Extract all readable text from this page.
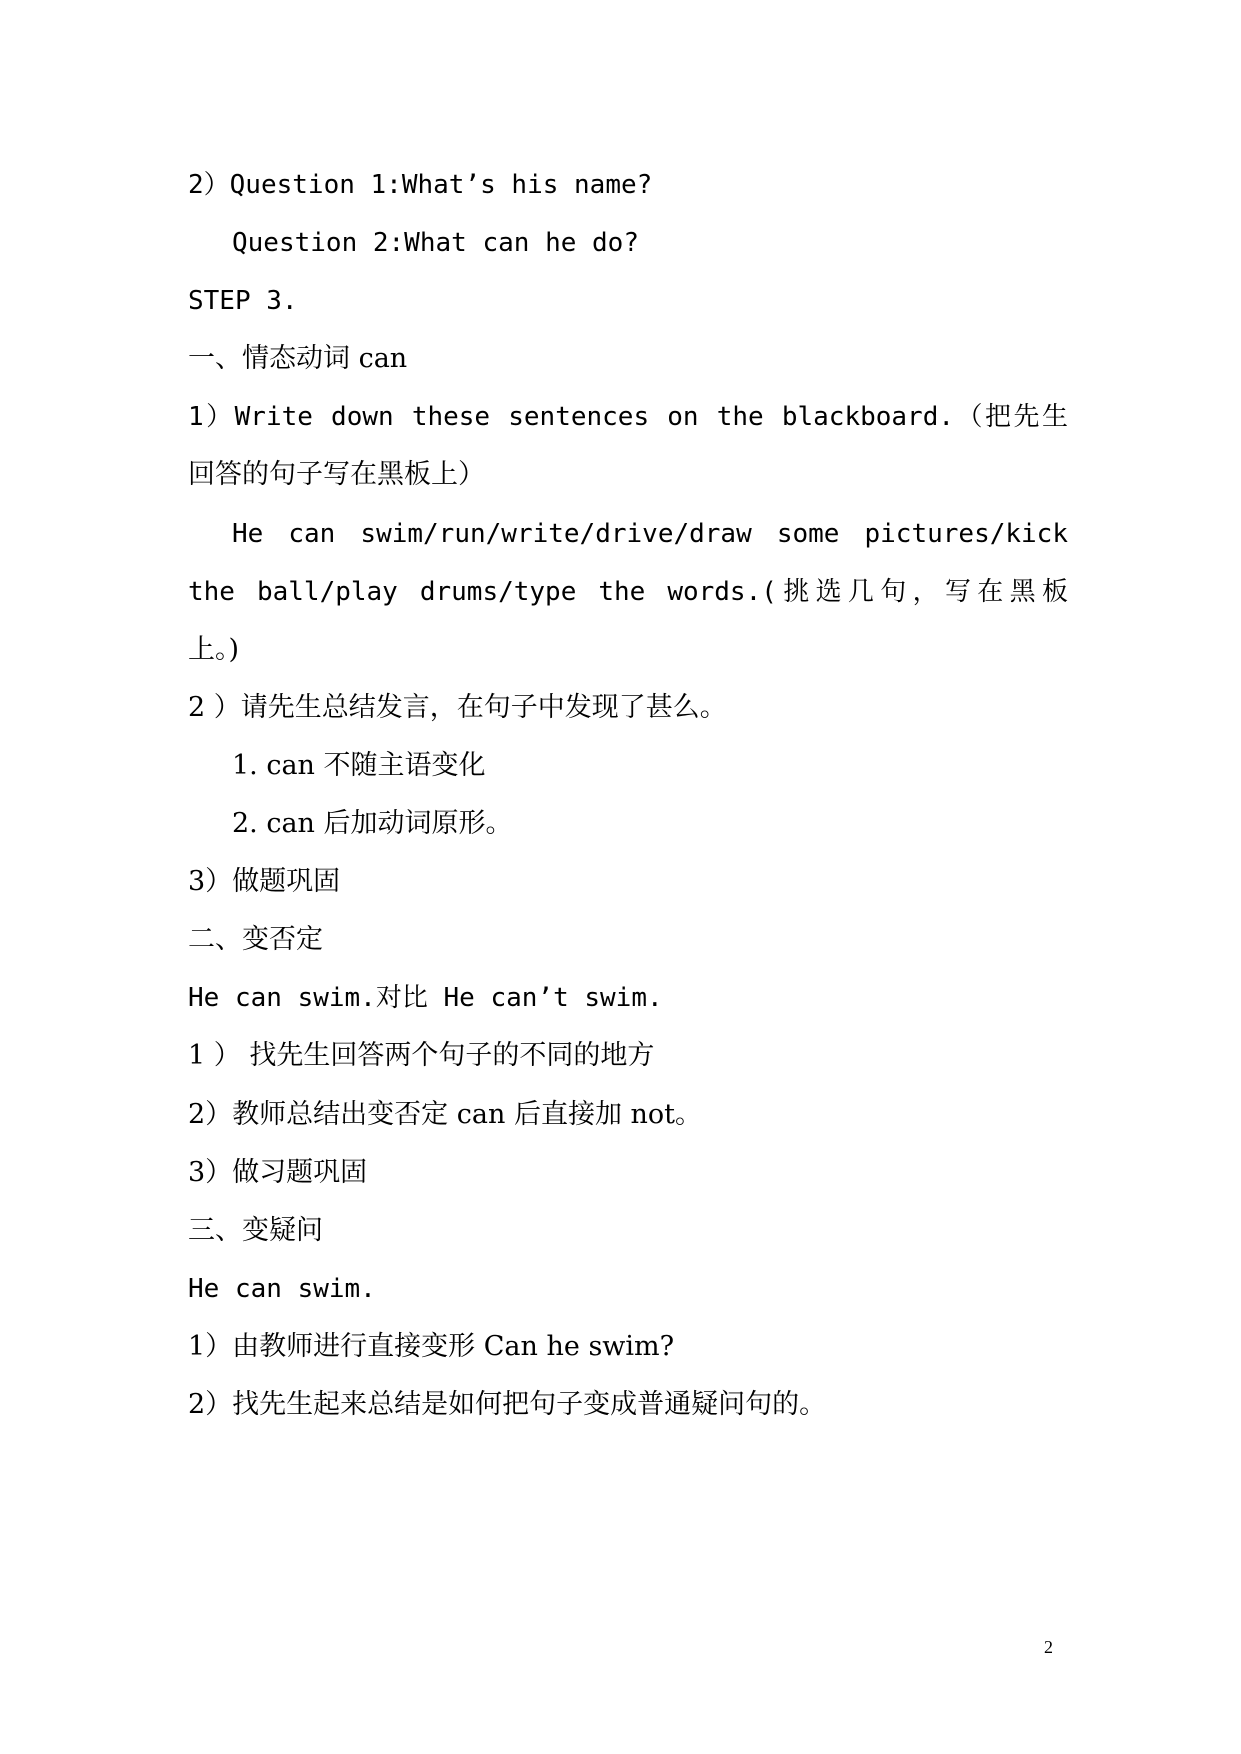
2）Question 1:What’s his name?
Question 2:What can he do?
STEP 3.
一、情态动词 can
1）Write down these sentences on the blackboard.（把先生
回答的句子写在黑板上）
He can swim/run/write/drive/draw some pictures/kick
the ball/play drums/type the words.(挑选几句，写在黑板
上。)
2 ）请先生总结发言，在句子中发现了甚么。
1. can 不随主语变化
2. can 后加动词原形。
3）做题巩固
二、变否定
He can swim.对比 He can’t swim.
1 ） 找先生回答两个句子的不同的地方
2）教师总结出变否定 can 后直接加 not。
3）做习题巩固
三、变疑问
He can swim.
1）由教师进行直接变形 Can he swim?
2）找先生起来总结是如何把句子变成普通疑问句的。
2
